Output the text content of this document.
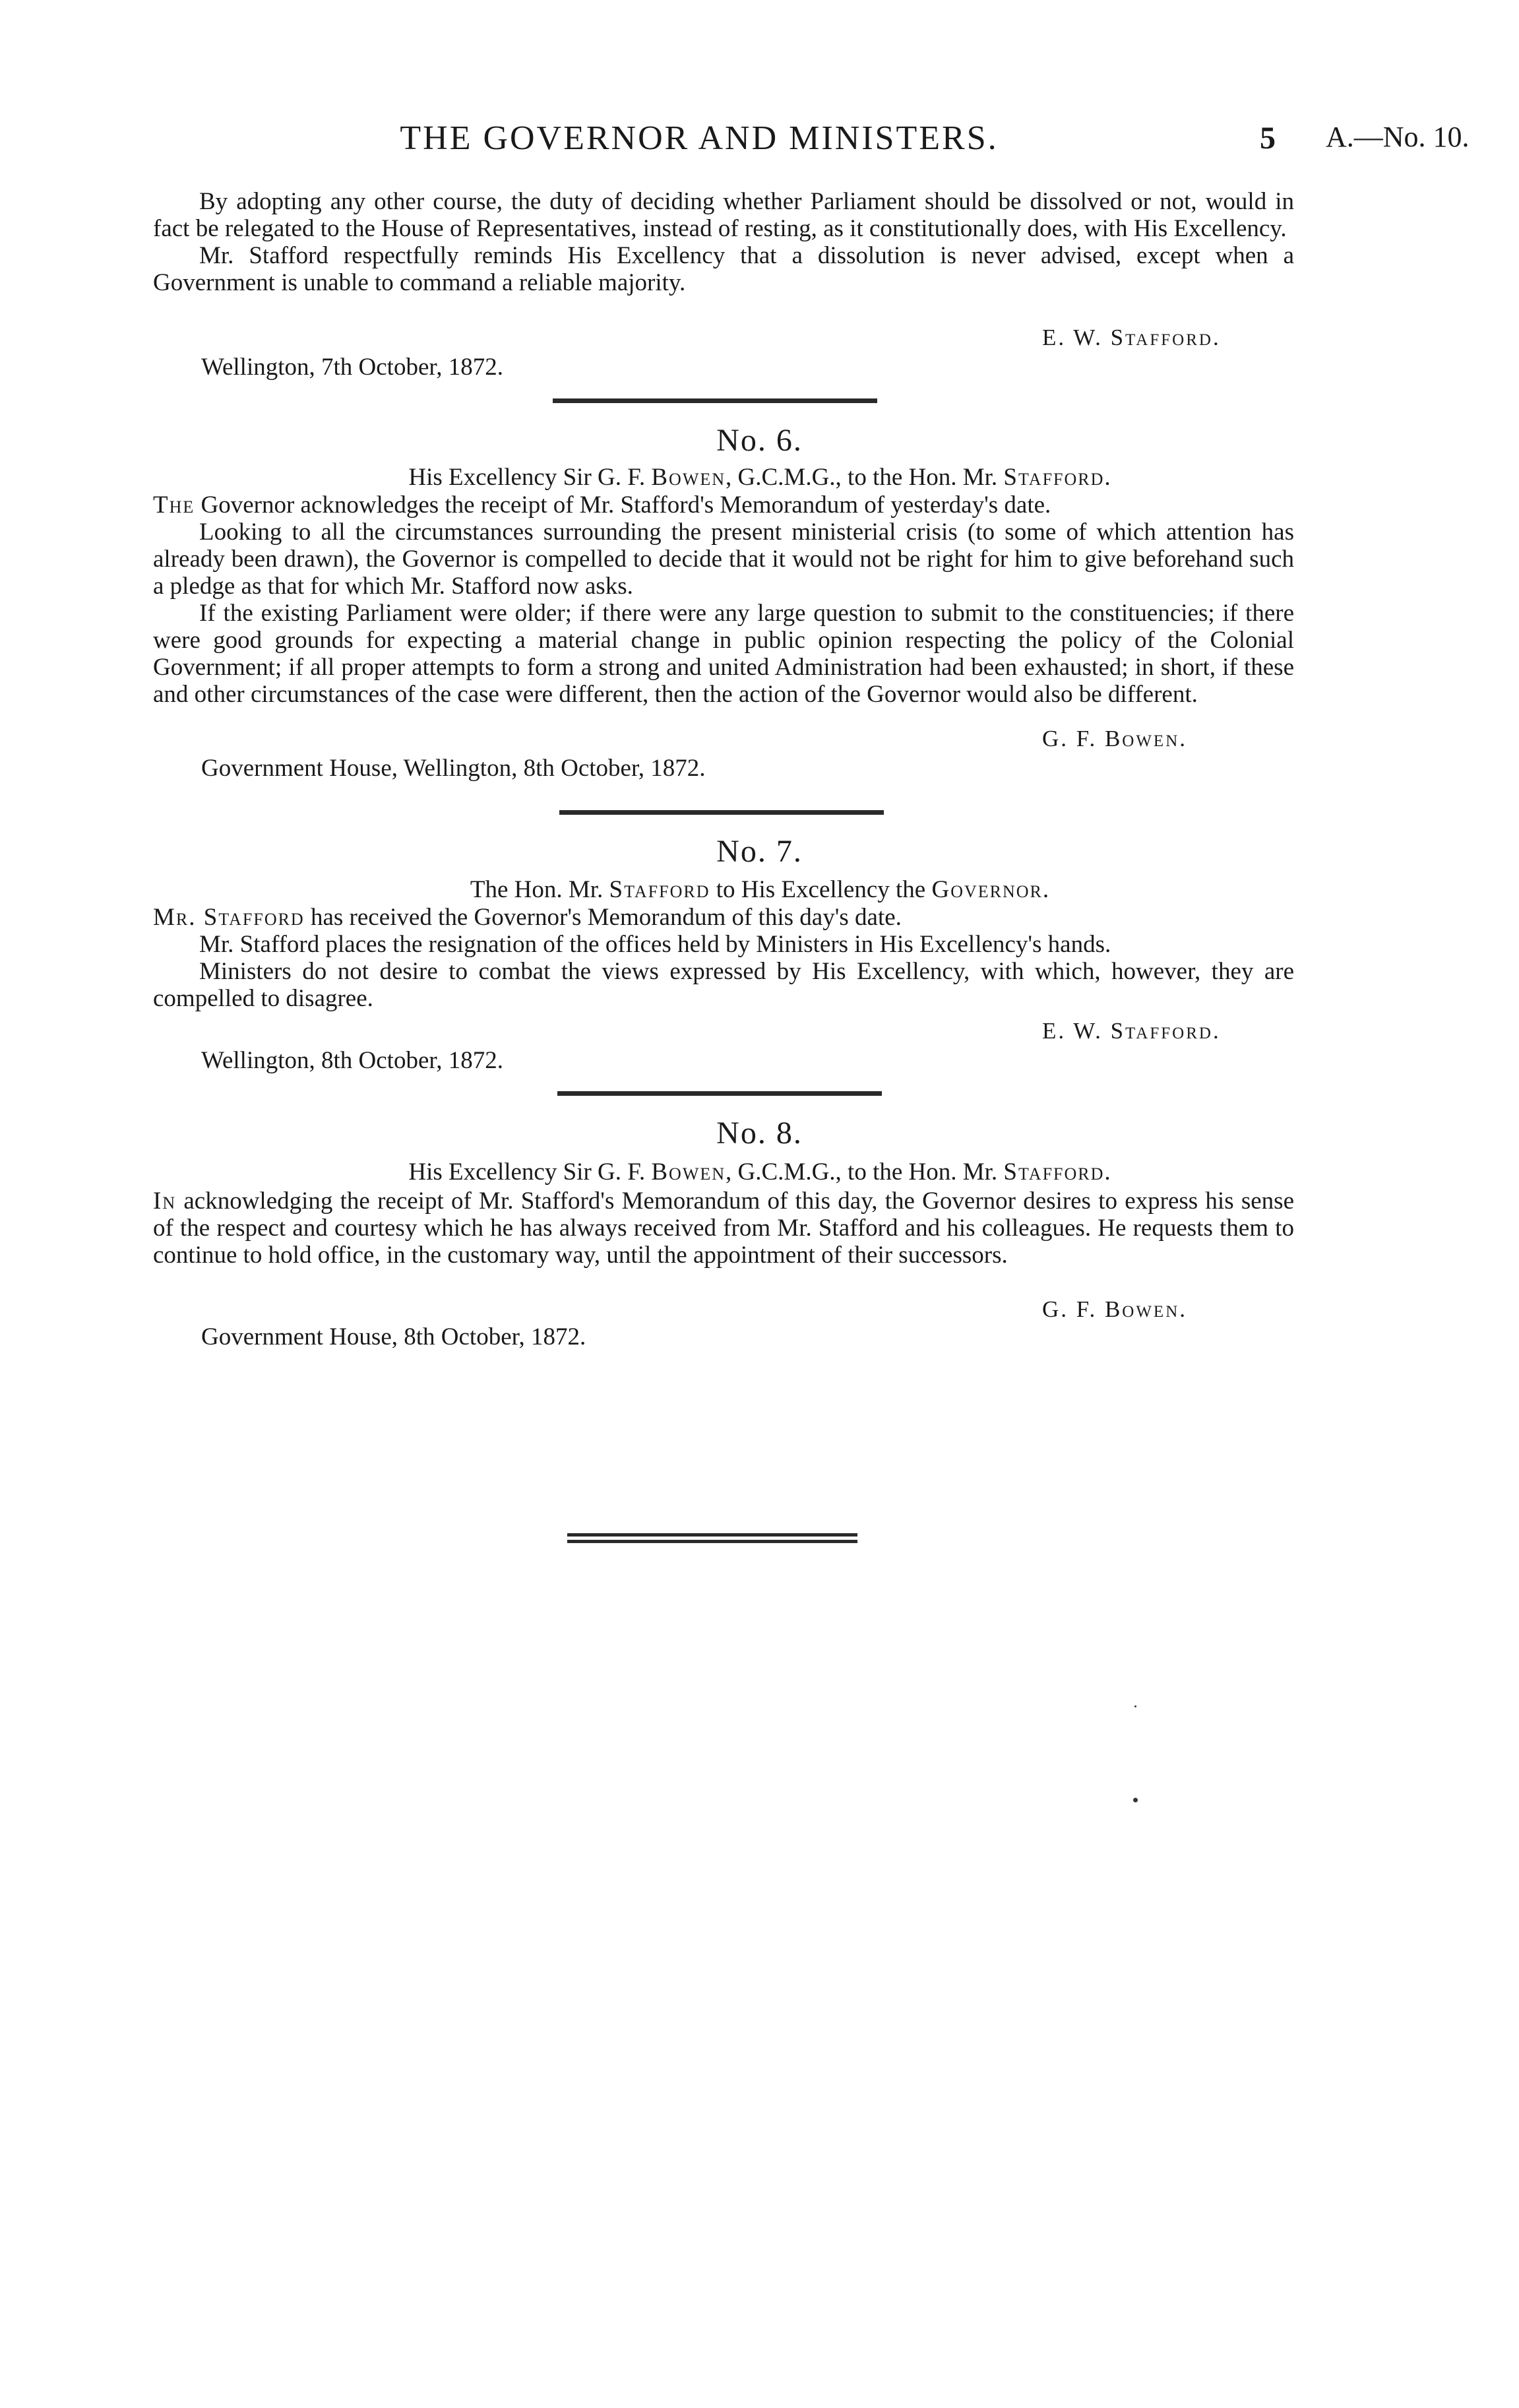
THE GOVERNOR AND MINISTERS.	5 A.—No. 10.

By adopting any other course, the duty of deciding whether Parliament should be dissolved or not, would in fact be relegated to the House of Representatives, instead of resting, as it constitutionally does, with His Excellency.

Mr. Stafford respectfully reminds His Excellency that a dissolution is never advised, except when a Government is unable to command a reliable majority.

E. W. Stafford.
Wellington, 7th October, 1872.
No. 6.
His Excellency Sir G. F. Bowen, G.C.M.G., to the Hon. Mr. Stafford.

The Governor acknowledges the receipt of Mr. Stafford's Memorandum of yesterday's date.

Looking to all the circumstances surrounding the present ministerial crisis (to some of which attention has already been drawn), the Governor is compelled to decide that it would not be right for him to give beforehand such a pledge as that for which Mr. Stafford now asks.

If the existing Parliament were older; if there were any large question to submit to the constituencies; if there were good grounds for expecting a material change in public opinion respecting the policy of the Colonial Government; if all proper attempts to form a strong and united Administration had been exhausted; in short, if these and other circumstances of the case were different, then the action of the Governor would also be different.

G. F. Bowen.
Government House, Wellington, 8th October, 1872.
No. 7.
The Hon. Mr. Stafford to His Excellency the Governor.

Mr. Stafford has received the Governor's Memorandum of this day's date.

Mr. Stafford places the resignation of the offices held by Ministers in His Excellency's hands.

Ministers do not desire to combat the views expressed by His Excellency, with which, however, they are compelled to disagree.

E. W. Stafford.
Wellington, 8th October, 1872.
No. 8.
His Excellency Sir G. F. Bowen, G.C.M.G., to the Hon. Mr. Stafford.

In acknowledging the receipt of Mr. Stafford's Memorandum of this day, the Governor desires to express his sense of the respect and courtesy which he has always received from Mr. Stafford and his colleagues. He requests them to continue to hold office, in the customary way, until the appointment of their successors.

G. F. Bowen.
Government House, 8th October, 1872.
